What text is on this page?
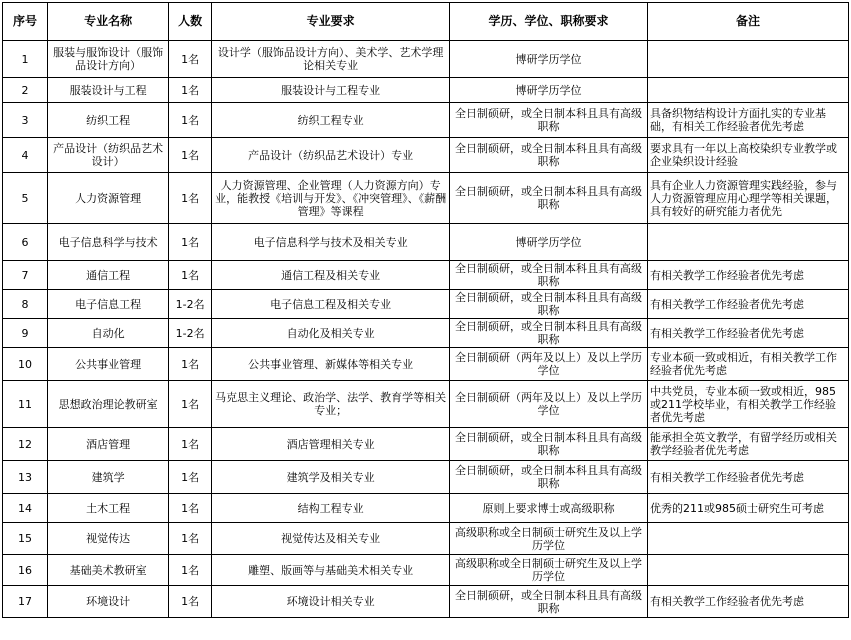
序号	专业名称	人数	专业要求	学历、学位、职称要求	备注
1	服装与服饰设计（服饰品设计方向）	1名	设计学（服饰品设计方向）、美术学、艺术学理论相关专业	博研学历学位	
2	服装设计与工程	1名	服装设计与工程专业	博研学历学位	
3	纺织工程	1名	纺织工程专业	全日制硕研，或全日制本科且具有高级职称	具备织物结构设计方面扎实的专业基础，有相关工作经验者优先考虑
4	产品设计（纺织品艺术设计）	1名	产品设计（纺织品艺术设计）专业	全日制硕研，或全日制本科且具有高级职称	要求具有一年以上高校染织专业教学或企业染织设计经验
5	人力资源管理	1名	人力资源管理、企业管理（人力资源方向）专业，能教授《培训与开发》、《冲突管理》、《薪酬管理》等课程	全日制硕研，或全日制本科且具有高级职称	具有企业人力资源管理实践经验，参与人力资源管理应用心理学等相关课题，具有较好的研究能力者优先
6	电子信息科学与技术	1名	电子信息科学与技术及相关专业	博研学历学位	
7	通信工程	1名	通信工程及相关专业	全日制硕研，或全日制本科且具有高级职称	有相关教学工作经验者优先考虑
8	电子信息工程	1-2名	电子信息工程及相关专业	全日制硕研，或全日制本科且具有高级职称	有相关教学工作经验者优先考虑
9	自动化	1-2名	自动化及相关专业	全日制硕研，或全日制本科且具有高级职称	有相关教学工作经验者优先考虑
10	公共事业管理	1名	公共事业管理、新媒体等相关专业	全日制硕研（两年及以上）及以上学历学位	专业本硕一致或相近，有相关教学工作经验者优先考虑
11	思想政治理论教研室	1名	马克思主义理论、政治学、法学、教育学等相关专业；	全日制硕研（两年及以上）及以上学历学位	中共党员，专业本硕一致或相近，985或211学校毕业，有相关教学工作经验者优先考虑
12	酒店管理	1名	酒店管理相关专业	全日制硕研，或全日制本科且具有高级职称	能承担全英文教学，有留学经历或相关教学经验者优先考虑
13	建筑学	1名	建筑学及相关专业	全日制硕研，或全日制本科且具有高级职称	有相关教学工作经验者优先考虑
14	土木工程	1名	结构工程专业	原则上要求博士或高级职称	优秀的211或985硕士研究生可考虑
15	视觉传达	1名	视觉传达及相关专业	高级职称或全日制硕士研究生及以上学历学位	
16	基础美术教研室	1名	雕塑、版画等与基础美术相关专业	高级职称或全日制硕士研究生及以上学历学位	
17	环境设计	1名	环境设计相关专业	全日制硕研，或全日制本科且具有高级职称	有相关教学工作经验者优先考虑
